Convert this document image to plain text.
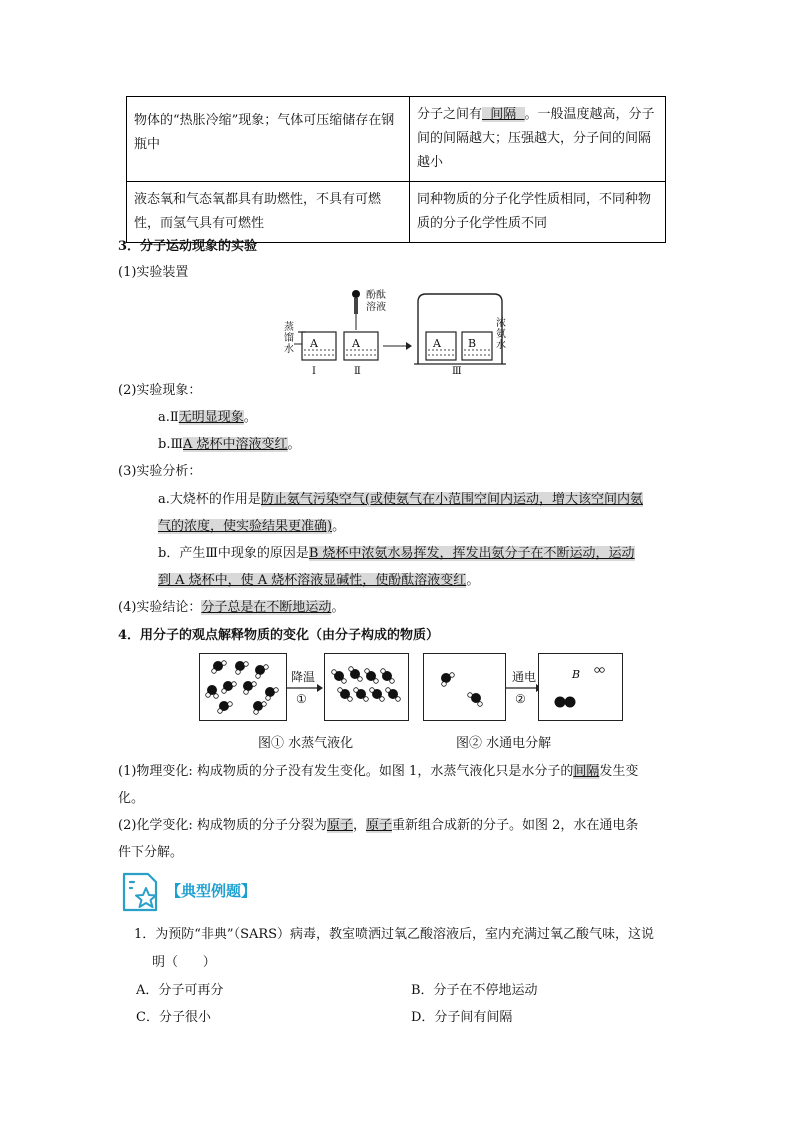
物体的“热胀冷缩”现象；气体可压缩储存在钢瓶中	分子之间有  间隔  。一般温度越高，分子间的间隔越大；压强越大，分子间的间隔越小
液态氧和气态氧都具有助燃性，不具有可燃性，而氢气具有可燃性	同种物质的分子化学性质相同，不同种物质的分子化学性质不同
3．分子运动现象的实验
(1)实验装置
蒸馏水
酚酞溶液
浓氨水
A	A	A B
Ⅰ	Ⅱ	Ⅲ
(2)实验现象：
a.Ⅱ无明显现象。
b.ⅢA 烧杯中溶液变红。
(3)实验分析：
a.大烧杯的作用是防止氨气污染空气(或使氨气在小范围空间内运动，增大该空间内氨
气的浓度，使实验结果更准确)。
b．产生Ⅲ中现象的原因是B 烧杯中浓氨水易挥发，挥发出氨分子在不断运动，运动
到 A 烧杯中，使 A 烧杯溶液显碱性，使酚酞溶液变红。
(4)实验结论：分子总是在不断地运动。
4．用分子的观点解释物质的变化（由分子构成的物质）
降温
①
通电
②
B
图① 水蒸气液化	图② 水通电分解
(1)物理变化: 构成物质的分子没有发生变化。如图 1，水蒸气液化只是水分子的间隔发生变
化。
(2)化学变化: 构成物质的分子分裂为原子，原子重新组合成新的分子。如图 2，水在通电条
件下分解。
【典型例题】
1．为预防“非典”（SARS）病毒，教室喷洒过氧乙酸溶液后，室内充满过氧乙酸气味，这说
明（      ）
A．分子可再分	B．分子在不停地运动
C．分子很小	D．分子间有间隔
